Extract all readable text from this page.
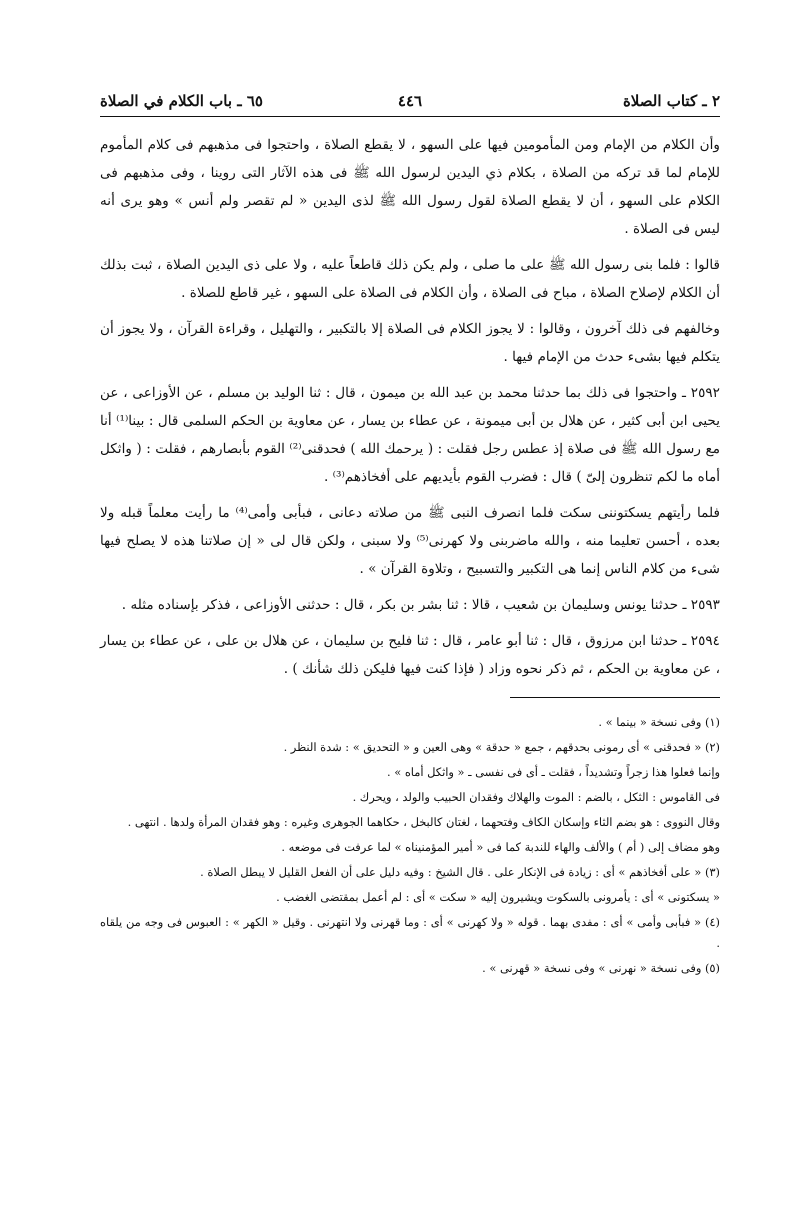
٢ ـ كتاب الصلاة
٤٤٦
٦٥ ـ باب الكلام في الصلاة

وأن الكلام من الإمام ومن المأمومين فيها على السهو ، لا يقطع الصلاة ، واحتجوا فى مذهبهم فى كلام المأموم للإمام لما قد تركه من الصلاة ، بكلام ذي اليدين لرسول الله ﷺ فى هذه الآثار التى روينا ، وفى مذهبهم فى الكلام على السهو ، أن لا يقطع الصلاة لقول رسول الله ﷺ لذى اليدين « لم تقصر ولم أنس » وهو يرى أنه ليس فى الصلاة .

قالوا : فلما بنى رسول الله ﷺ على ما صلى ، ولم يكن ذلك قاطعاً عليه ، ولا على ذى اليدين الصلاة ، ثبت بذلك أن الكلام لإصلاح الصلاة ، مباح فى الصلاة ، وأن الكلام فى الصلاة على السهو ، غير قاطع للصلاة .

وخالفهم فى ذلك آخرون ، وقالوا : لا يجوز الكلام فى الصلاة إلا بالتكبير ، والتهليل ، وقراءة القرآن ، ولا يجوز أن يتكلم فيها بشىء حدث من الإمام فيها .

٢٥٩٢ ـ واحتجوا فى ذلك بما حدثنا محمد بن عبد الله بن ميمون ، قال : ثنا الوليد بن مسلم ، عن الأوزاعى ، عن يحيى ابن أبى كثير ، عن هلال بن أبى ميمونة ، عن عطاء بن يسار ، عن معاوية بن الحكم السلمى قال : بينا⁽¹⁾ أنا مع رسول الله ﷺ فى صلاة إذ عطس رجل فقلت : ( يرحمك الله ) فحدقنى⁽²⁾ القوم بأبصارهم ، فقلت : ( واثكل أماه ما لكم تنظرون إلىّ ) قال : فضرب القوم بأيديهم على أفخاذهم⁽³⁾ .

فلما رأيتهم يسكتوننى سكت فلما انصرف النبى ﷺ من صلاته دعانى ، فبأبى وأمى⁽⁴⁾ ما رأيت معلماً قبله ولا بعده ، أحسن تعليما منه ، والله ماضربنى ولا كهرنى⁽⁵⁾ ولا سبنى ، ولكن قال لى « إن صلاتنا هذه لا يصلح فيها شىء من كلام الناس إنما هى التكبير والتسبيح ، وتلاوة القرآن » .

٢٥٩٣ ـ حدثنا يونس وسليمان بن شعيب ، قالا : ثنا بشر بن بكر ، قال : حدثنى الأوزاعى ، فذكر بإسناده مثله .

٢٥٩٤ ـ حدثنا ابن مرزوق ، قال : ثنا أبو عامر ، قال : ثنا فليح بن سليمان ، عن هلال بن على ، عن عطاء بن يسار ، عن معاوية بن الحكم ، ثم ذكر نحوه وزاد ( فإذا كنت فيها فليكن ذلك شأنك ) .

(١) وفى نسخة « بينما » .

(٢) « فحدقنى » أى رمونى بحدقهم ، جمع « حدقة » وهى العين و « التحديق » : شدة النظر .

وإنما فعلوا هذا زجراً وتشديداً ، فقلت ـ أى فى نفسى ـ « واثكل أماه » .

فى القاموس : الثكل ، بالضم : الموت والهلاك وفقدان الحبيب والولد ، ويحرك .

وقال النووى : هو بضم الثاء وإسكان الكاف وفتحهما ، لغتان كالبخل ، حكاهما الجوهرى وغيره : وهو فقدان المرأة ولدها . انتهى .

وهو مضاف إلى ( أم ) والألف والهاء للندبة كما فى « أمير المؤمنيناه » لما عرفت فى موضعه .

(٣) « على أفخاذهم » أى : زيادة فى الإنكار على . قال الشيخ : وفيه دليل على أن الفعل القليل لا يبطل الصلاة .

« يسكتونى » أى : يأمرونى بالسكوت ويشيرون إليه « سكت » أى : لم أعمل بمقتضى الغضب .

(٤) « فبأبى وأمى » أى : مفدى بهما . قوله « ولا كهرنى » أى : وما قهرنى ولا انتهرنى . وقيل « الكهر » : العبوس فى وجه من يلقاه .

(٥) وفى نسخة « نهرنى » وفى نسخة « قهرنى » .
